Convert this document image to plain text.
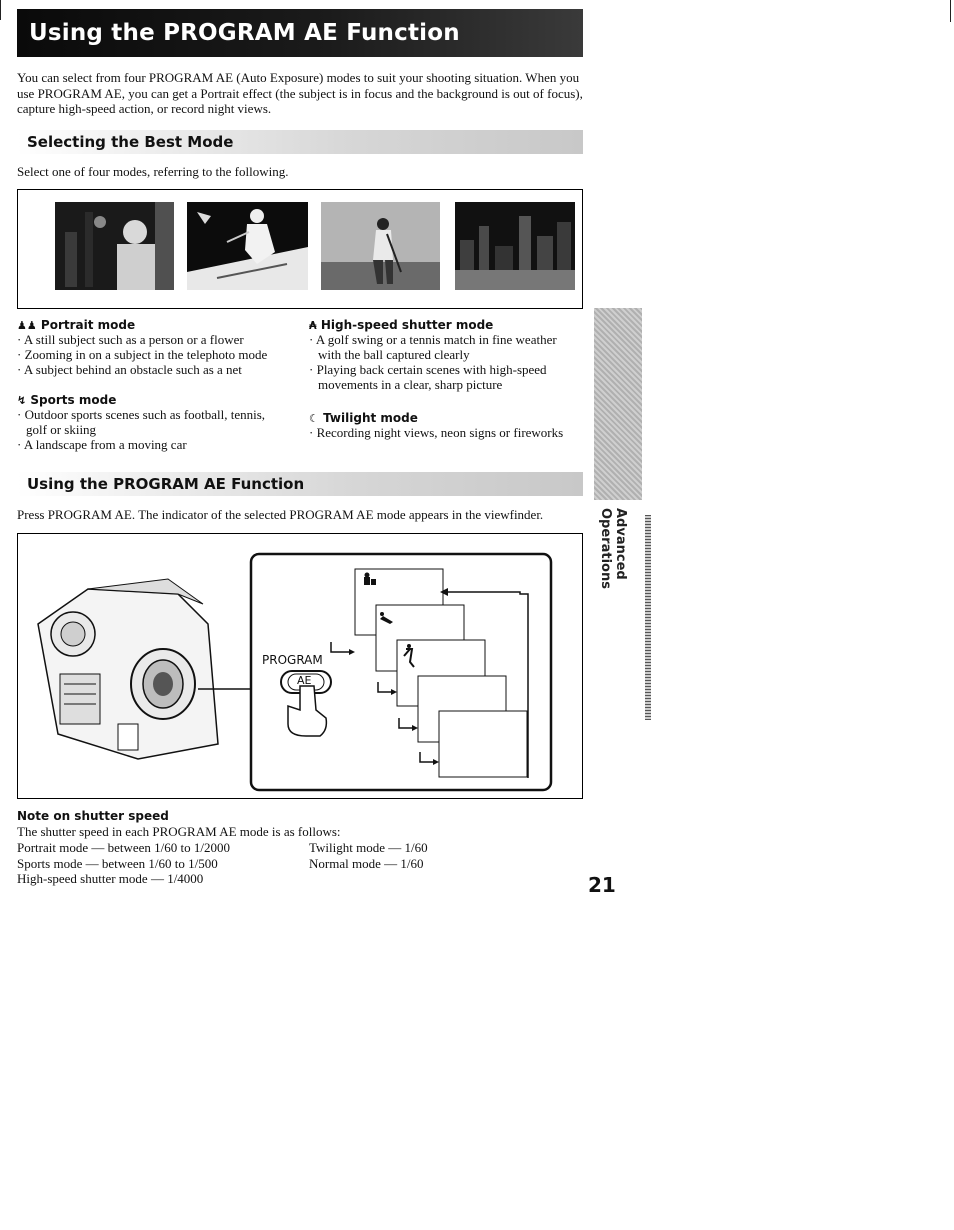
Using the PROGRAM AE Function
You can select from four PROGRAM AE (Auto Exposure) modes to suit your shooting situation. When you use PROGRAM AE, you can get a Portrait effect (the subject is in focus and the background is out of focus), capture high-speed action, or record night views.
Selecting the Best Mode
Select one of four modes, referring to the following.
♟♟ Portrait mode
· A still subject such as a person or a flower
· Zooming in on a subject in the telephoto mode
· A subject behind an obstacle such as a net
↯ Sports mode
· Outdoor sports scenes such as football, tennis,
golf or skiing
· A landscape from a moving car
₳ High-speed shutter mode
· A golf swing or a tennis match in fine weather
with the ball captured clearly
· Playing back certain scenes with high-speed
movements in a clear, sharp picture
☾ Twilight mode
· Recording night views, neon signs or fireworks
Using the PROGRAM AE Function
Press PROGRAM AE. The indicator of the selected PROGRAM AE mode appears in the viewfinder.
PROGRAM
AE
Note on shutter speed
The shutter speed in each PROGRAM AE mode is as follows:
Portrait mode — between 1/60 to 1/2000
Sports mode — between 1/60 to 1/500
High-speed shutter mode — 1/4000
Twilight mode — 1/60
Normal mode — 1/60
21
Advanced Operations
